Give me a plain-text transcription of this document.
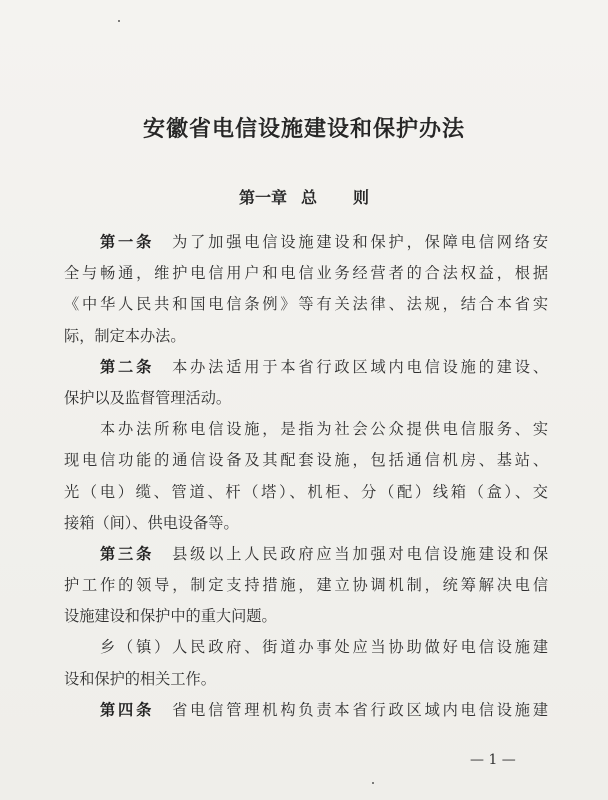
安徽省电信设施建设和保护办法
第一章 总 则
第一条 为了加强电信设施建设和保护，保障电信网络安
全与畅通，维护电信用户和电信业务经营者的合法权益，根据
《中华人民共和国电信条例》等有关法律、法规，结合本省实
际，制定本办法。
第二条 本办法适用于本省行政区域内电信设施的建设、
保护以及监督管理活动。
本办法所称电信设施，是指为社会公众提供电信服务、实
现电信功能的通信设备及其配套设施，包括通信机房、基站、
光（电）缆、管道、杆（塔）、机柜、分（配）线箱（盒）、交
接箱（间）、供电设备等。
第三条 县级以上人民政府应当加强对电信设施建设和保
护工作的领导，制定支持措施，建立协调机制，统筹解决电信
设施建设和保护中的重大问题。
乡（镇）人民政府、街道办事处应当协助做好电信设施建
设和保护的相关工作。
第四条 省电信管理机构负责本省行政区域内电信设施建
— 1 —
